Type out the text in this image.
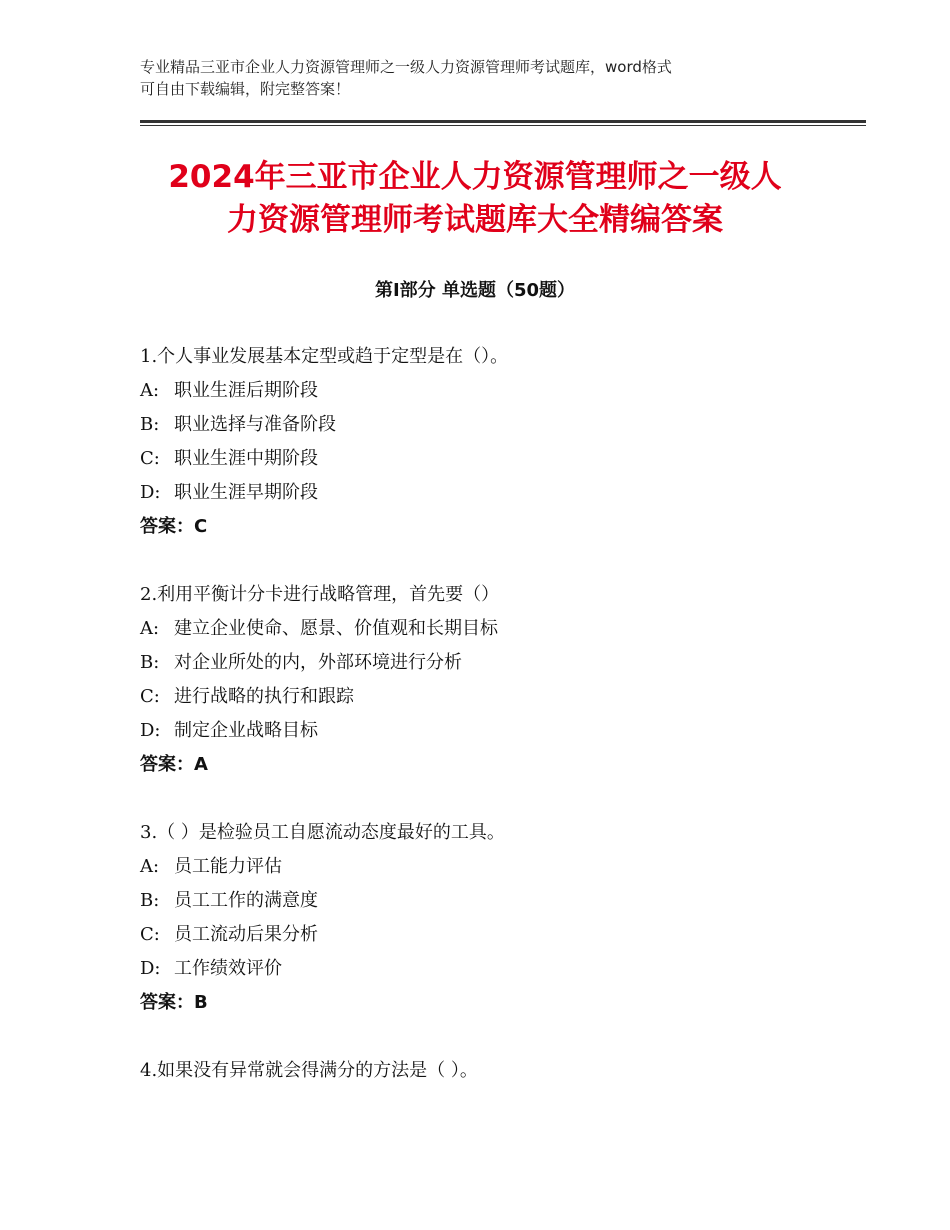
专业精品三亚市企业人力资源管理师之一级人力资源管理师考试题库，word格式
可自由下载编辑，附完整答案！
2024年三亚市企业人力资源管理师之一级人
力资源管理师考试题库大全精编答案
第Ⅰ部分 单选题（50题）
1.个人事业发展基本定型或趋于定型是在（）。
A: 职业生涯后期阶段
B: 职业选择与准备阶段
C: 职业生涯中期阶段
D: 职业生涯早期阶段
答案：C
2.利用平衡计分卡进行战略管理，首先要（）
A: 建立企业使命、愿景、价值观和长期目标
B: 对企业所处的内，外部环境进行分析
C: 进行战略的执行和跟踪
D: 制定企业战略目标
答案：A
3.（ ）是检验员工自愿流动态度最好的工具。
A: 员工能力评估
B: 员工工作的满意度
C: 员工流动后果分析
D: 工作绩效评价
答案：B
4.如果没有异常就会得满分的方法是（ ）。
